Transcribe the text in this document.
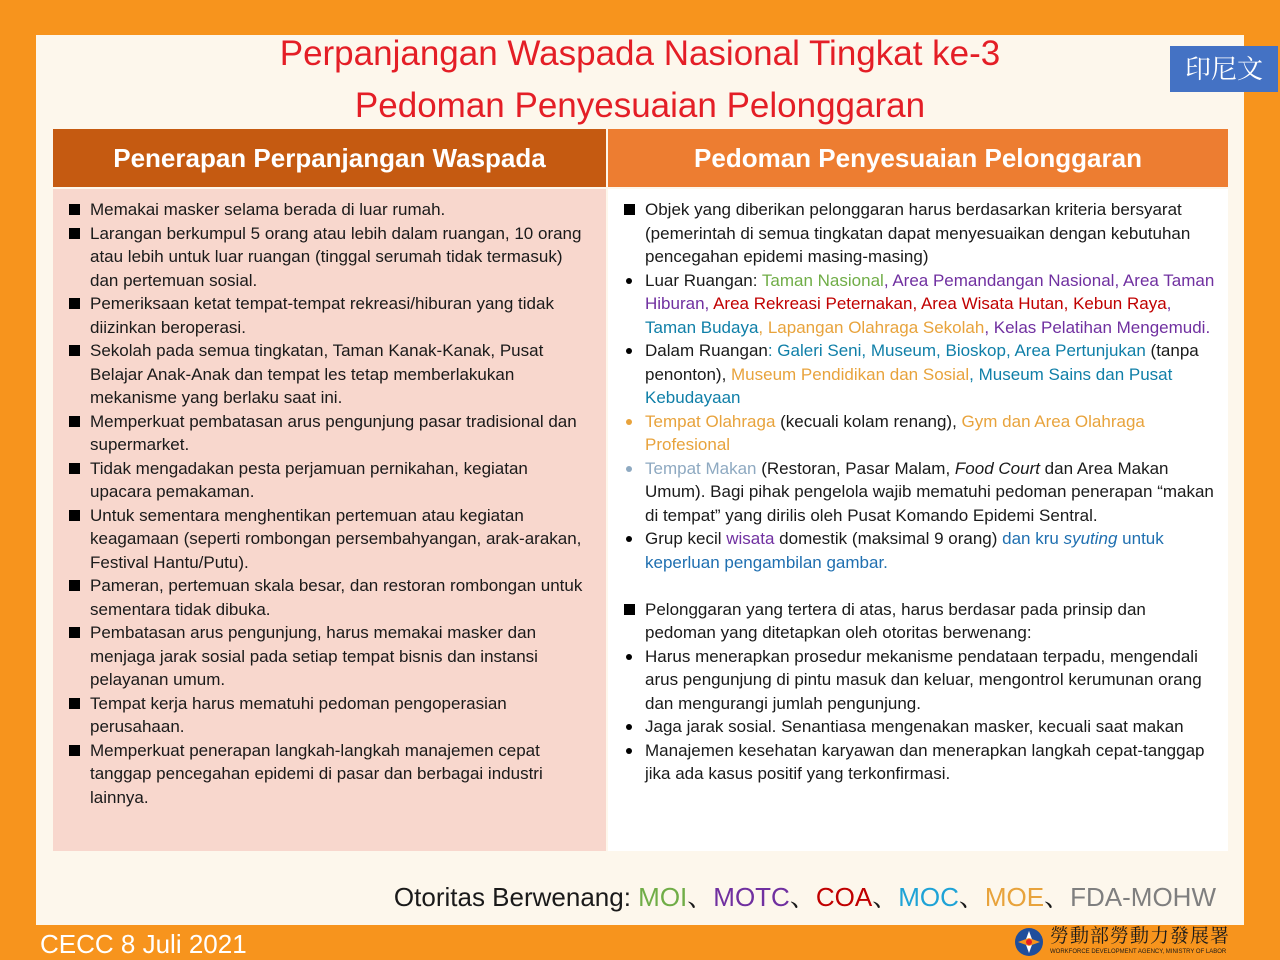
Perpanjangan Waspada Nasional Tingkat ke-3
Pedoman Penyesuaian Pelonggaran
印尼文
Penerapan Perpanjangan Waspada	Pedoman Penyesuaian Pelonggaran
Memakai masker selama berada di luar rumah.
Larangan berkumpul 5 orang atau lebih dalam ruangan, 10 orang atau lebih untuk luar ruangan (tinggal serumah tidak termasuk) dan pertemuan sosial.
Pemeriksaan ketat tempat-tempat rekreasi/hiburan yang tidak diizinkan beroperasi.
Sekolah pada semua tingkatan, Taman Kanak-Kanak, Pusat Belajar Anak-Anak dan tempat les tetap memberlakukan mekanisme yang berlaku saat ini.
Memperkuat pembatasan arus pengunjung pasar tradisional dan supermarket.
Tidak mengadakan pesta perjamuan pernikahan, kegiatan upacara pemakaman.
Untuk sementara menghentikan pertemuan atau kegiatan keagamaan (seperti rombongan persembahyangan, arak-arakan, Festival Hantu/Putu).
Pameran, pertemuan skala besar, dan restoran rombongan untuk sementara tidak dibuka.
Pembatasan arus pengunjung, harus memakai masker dan menjaga jarak sosial pada setiap tempat bisnis dan instansi pelayanan umum.
Tempat kerja harus mematuhi pedoman pengoperasian perusahaan.
Memperkuat penerapan langkah-langkah manajemen cepat tanggap pencegahan epidemi di pasar dan berbagai industri lainnya.
Objek yang diberikan pelonggaran harus berdasarkan kriteria bersyarat (pemerintah di semua tingkatan dapat menyesuaikan dengan kebutuhan pencegahan epidemi masing-masing)
Luar Ruangan: Taman Nasional, Area Pemandangan Nasional, Area Taman Hiburan, Area Rekreasi Peternakan, Area Wisata Hutan, Kebun Raya, Taman Budaya, Lapangan Olahraga Sekolah, Kelas Pelatihan Mengemudi.
Dalam Ruangan: Galeri Seni, Museum, Bioskop, Area Pertunjukan (tanpa penonton), Museum Pendidikan dan Sosial, Museum Sains dan Pusat Kebudayaan
Tempat Olahraga (kecuali kolam renang), Gym dan Area Olahraga Profesional
Tempat Makan (Restoran, Pasar Malam, Food Court dan Area Makan Umum). Bagi pihak pengelola wajib mematuhi pedoman penerapan “makan di tempat” yang dirilis oleh Pusat Komando Epidemi Sentral.
Grup kecil wisata domestik (maksimal 9 orang) dan kru syuting untuk keperluan pengambilan gambar.
Pelonggaran yang tertera di atas, harus berdasar pada prinsip dan pedoman yang ditetapkan oleh otoritas berwenang:
Harus menerapkan prosedur mekanisme pendataan terpadu, mengendali arus pengunjung di pintu masuk dan keluar, mengontrol kerumunan orang dan mengurangi jumlah pengunjung.
Jaga jarak sosial. Senantiasa mengenakan masker, kecuali saat makan
Manajemen kesehatan karyawan dan menerapkan langkah cepat-tanggap jika ada kasus positif yang terkonfirmasi.
Otoritas Berwenang: MOI、MOTC、COA、MOC、MOE、FDA-MOHW
CECC 8 Juli 2021	勞動部勞動力發展署
WORKFORCE DEVELOPMENT AGENCY, MINISTRY OF LABOR
